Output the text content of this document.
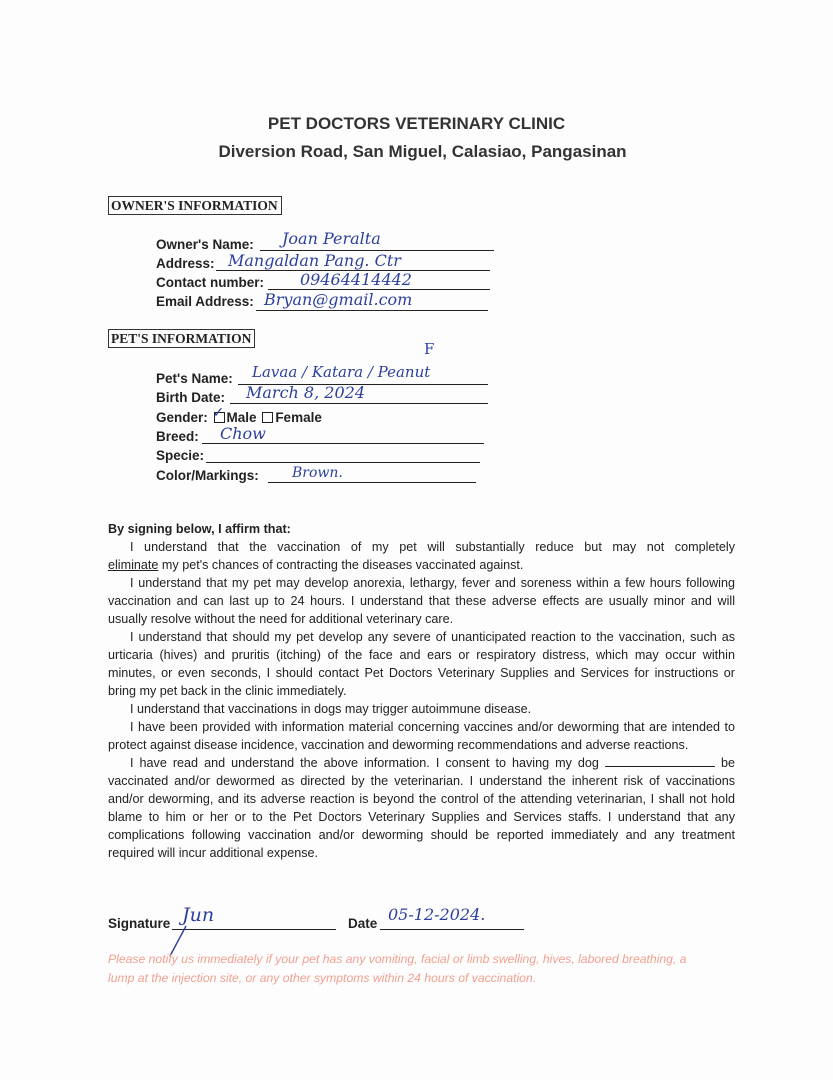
PET DOCTORS VETERINARY CLINIC
Diversion Road, San Miguel, Calasiao, Pangasinan
OWNER'S INFORMATION
Owner's Name: Joan Peralta
Address: Mangaldan Pang. Ctr
Contact number: 09464414442
Email Address: Bryan@gmail.com
PET'S INFORMATION
F
Pet's Name: Lavaa / Katara / Peanut
Birth Date: March 8, 2024
Gender: ✓ Male Female
Breed: Chow
Specie:
Color/Markings: Brown.
By signing below, I affirm that:

I understand that the vaccination of my pet will substantially reduce but may not completely

eliminate my pet's chances of contracting the diseases vaccinated against.

I understand that my pet may develop anorexia, lethargy, fever and soreness within a few hours following vaccination and can last up to 24 hours. I understand that these adverse effects are usually minor and will usually resolve without the need for additional veterinary care.

I understand that should my pet develop any severe of unanticipated reaction to the vaccination, such as urticaria (hives) and pruritis (itching) of the face and ears or respiratory distress, which may occur within minutes, or even seconds, I should contact Pet Doctors Veterinary Supplies and Services for instructions or bring my pet back in the clinic immediately.

I understand that vaccinations in dogs may trigger autoimmune disease.

I have been provided with information material concerning vaccines and/or deworming that are intended to protect against disease incidence, vaccination and deworming recommendations and adverse reactions.

I have read and understand the above information. I consent to having my dog	be vaccinated and/or dewormed as directed by the veterinarian. I understand the inherent risk of vaccinations and/or deworming, and its adverse reaction is beyond the control of the attending veterinarian, I shall not hold blame to him or her or to the Pet Doctors Veterinary Supplies and Services staffs. I understand that any complications following vaccination and/or deworming should be reported immediately and any treatment required will incur additional expense.

Signature Jun	Date 05-12-2024.
Please notify us immediately if your pet has any vomiting, facial or limb swelling, hives, labored breathing, a lump at the injection site, or any other symptoms within 24 hours of vaccination.
